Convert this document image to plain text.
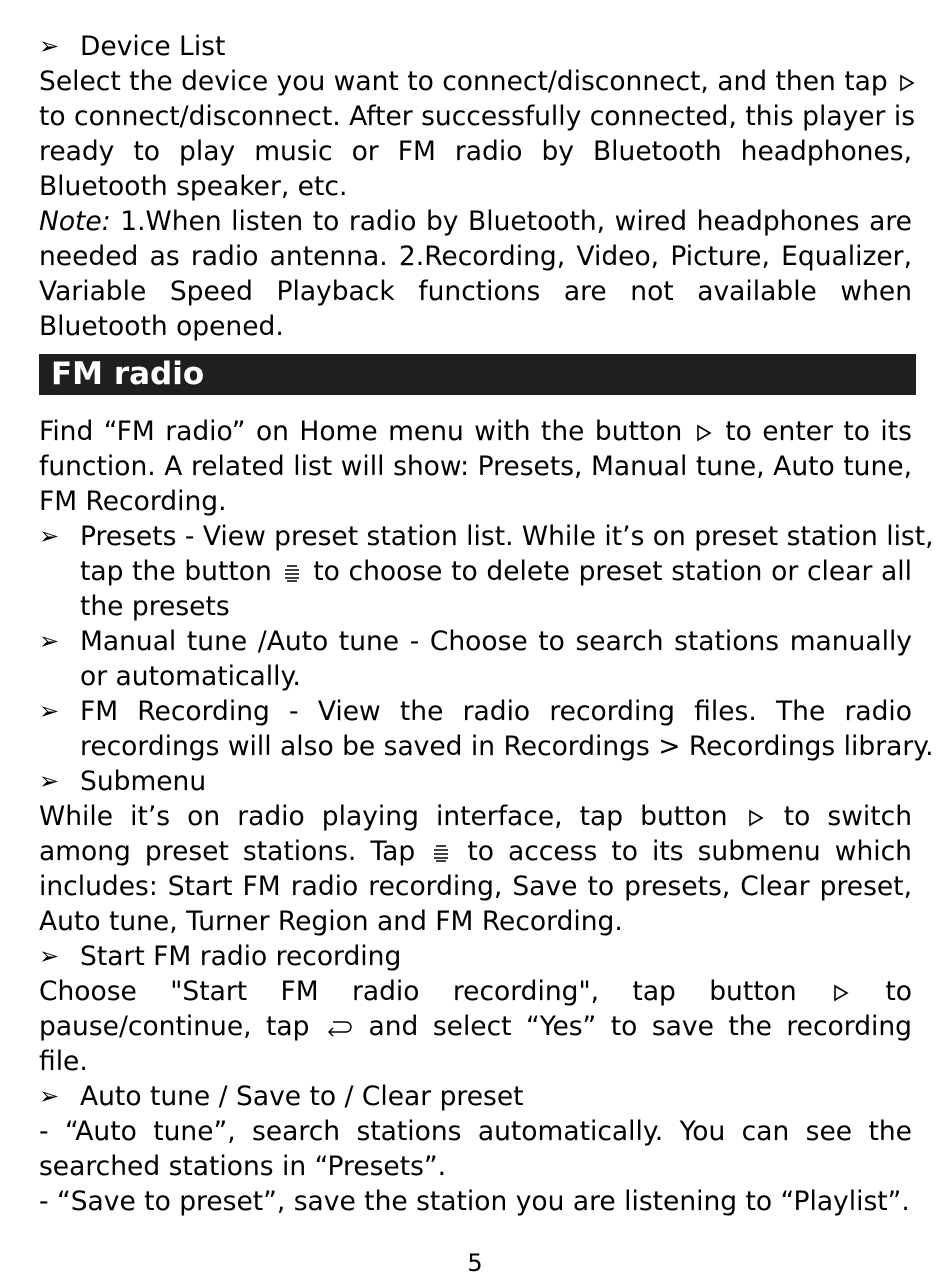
➢ Device List
Select the device you want to connect/disconnect, and then tap
to connect/disconnect. After successfully connected, this player is
ready to play music or FM radio by Bluetooth headphones,
Bluetooth speaker, etc.
Note: 1.When listen to radio by Bluetooth, wired headphones are
needed as radio antenna. 2.Recording, Video, Picture, Equalizer,
Variable Speed Playback functions are not available when
Bluetooth opened.
FM radio
Find “FM radio” on Home menu with the button to enter to its
function. A related list will show: Presets, Manual tune, Auto tune,
FM Recording.
➢ Presets - View preset station list. While it’s on preset station list,
tap the button to choose to delete preset station or clear all
the presets
➢ Manual tune /Auto tune - Choose to search stations manually
or automatically.
➢ FM Recording - View the radio recording files. The radio
recordings will also be saved in Recordings > Recordings library.
➢ Submenu
While it’s on radio playing interface, tap button to switch
among preset stations. Tap to access to its submenu which
includes: Start FM radio recording, Save to presets, Clear preset,
Auto tune, Turner Region and FM Recording.
➢ Start FM radio recording
Choose "Start FM radio recording", tap button	to
pause/continue, tap and select “Yes” to save the recording
file.
➢ Auto tune / Save to / Clear preset
- “Auto tune”, search stations automatically. You can see the
searched stations in “Presets”.
- “Save to preset”, save the station you are listening to “Playlist”.
5
